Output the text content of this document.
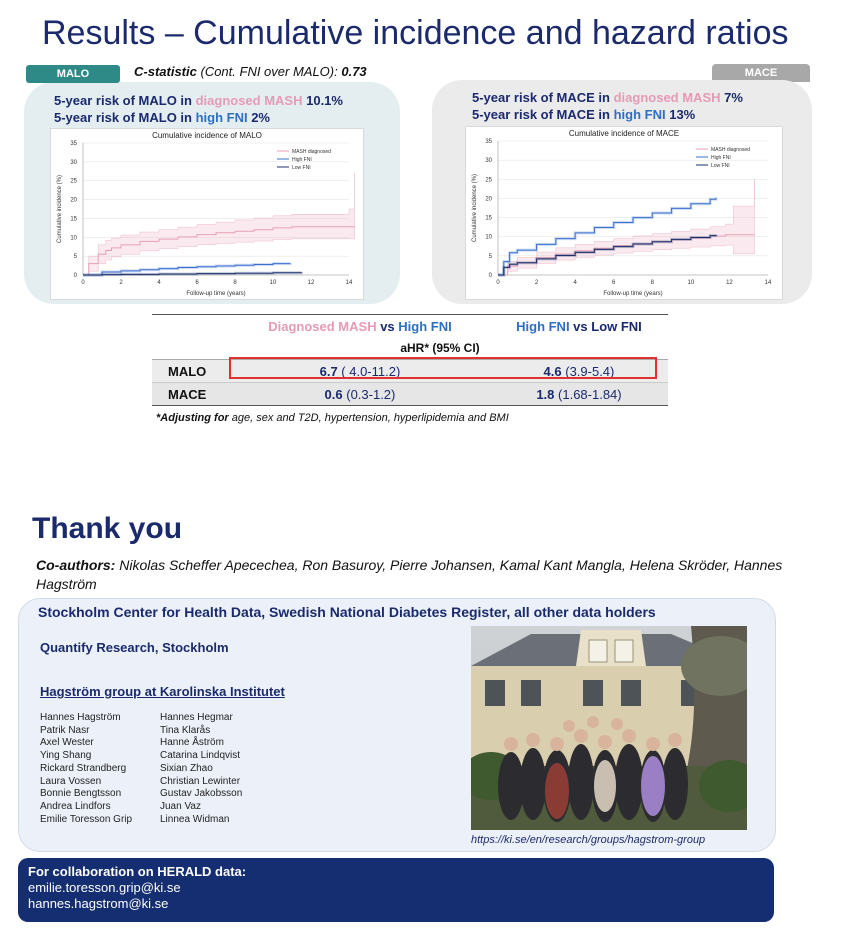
Results – Cumulative incidence and hazard ratios
MALO	C-statistic (Cont. FNI over MALO): 0.73
5-year risk of MALO in diagnosed MASH 10.1%
5-year risk of MALO in high FNI 2%
Cumulative incidence of MALO
0
5
10
15
20
25
30
35
0	2	4	6	8	10	12	14
Follow-up time (years)
Cumulative incidence (%)
MASH diagnosed
High FNI
Low FNI
MACE
5-year risk of MACE in diagnosed MASH 7%
5-year risk of MACE in high FNI 13%
Cumulative incidence of MACE
0
5
10
15
20
25
30
35
0	2	4	6	8	10	12	14
Follow-up time (years)
Cumulative incidence (%)
MASH diagnosed
High FNI
Low FNI
	Diagnosed MASH vs High FNI	High FNI vs Low FNI
aHR* (95% CI)		
MALO	6.7 ( 4.0-11.2)	4.6 (3.9-5.4)
MACE	0.6 (0.3-1.2)	1.8 (1.68-1.84)
*Adjusting for age, sex and T2D, hypertension, hyperlipidemia and BMI
Thank you
Co-authors: Nikolas Scheffer Apecechea, Ron Basuroy, Pierre Johansen, Kamal Kant Mangla, Helena Skröder, Hannes Hagström
Stockholm Center for Health Data, Swedish National Diabetes Register, all other data holders
Quantify Research, Stockholm
Hagström group at Karolinska Institutet
Hannes Hagström
Patrik Nasr
Axel Wester
Ying Shang
Rickard Strandberg
Laura Vossen
Bonnie Bengtsson
Andrea Lindfors
Emilie Toresson Grip
Hannes Hegmar
Tina Klarås
Hanne Åström
Catarina Lindqvist
Sixian Zhao
Christian Lewinter
Gustav Jakobsson
Juan Vaz
Linnea Widman
https://ki.se/en/research/groups/hagstrom-group
For collaboration on HERALD data:
emilie.toresson.grip@ki.se
hannes.hagstrom@ki.se
